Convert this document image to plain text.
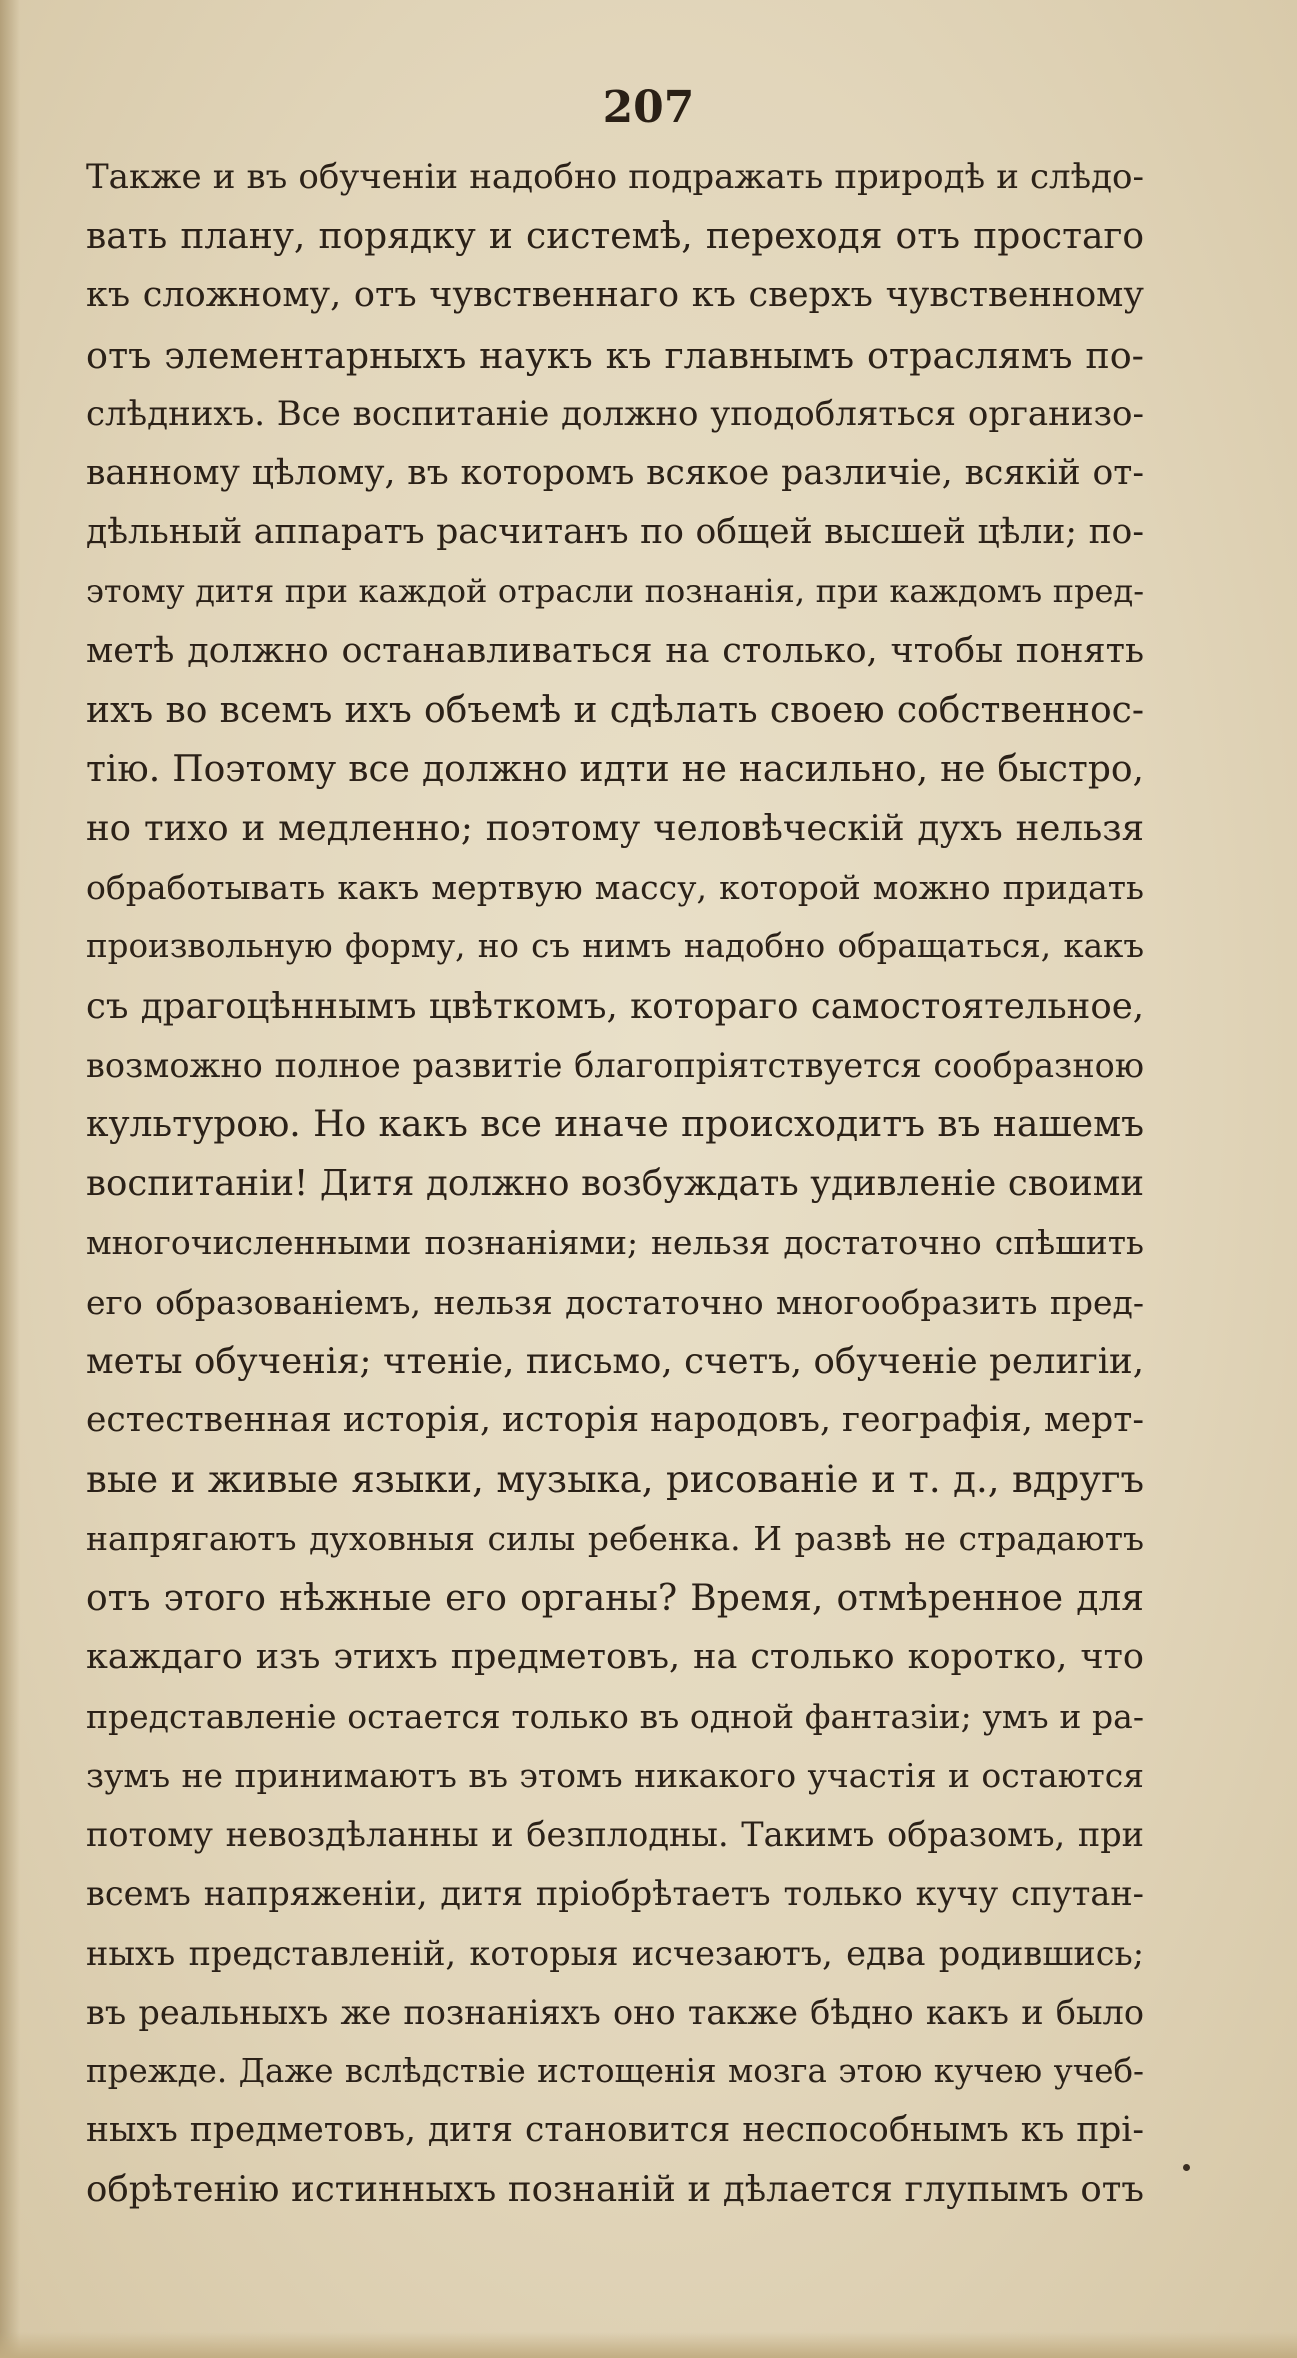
207
Также и въ обученіи надобно подражать природѣ и слѣдо-
вать плану, порядку и системѣ, переходя отъ простаго
къ сложному, отъ чувственнаго къ сверхъ чувственному
отъ элементарныхъ наукъ къ главнымъ отраслямъ по-
слѣднихъ. Все воспитаніе должно уподобляться организо-
ванному цѣлому, въ которомъ всякое различіе, всякій от-
дѣльный аппаратъ расчитанъ по общей высшей цѣли; по-
этому дитя при каждой отрасли познанія, при каждомъ пред-
метѣ должно останавливаться на столько, чтобы понять
ихъ во всемъ ихъ объемѣ и сдѣлать своею собственнос-
тію. Поэтому все должно идти не насильно, не быстро,
но тихо и медленно; поэтому человѣческій духъ нельзя
обработывать какъ мертвую массу, которой можно придать
произвольную форму, но съ нимъ надобно обращаться, какъ
съ драгоцѣннымъ цвѣткомъ, котораго самостоятельное,
возможно полное развитіе благопріятствуется сообразною
культурою. Но какъ все иначе происходитъ въ нашемъ
воспитаніи! Дитя должно возбуждать удивленіе своими
многочисленными познаніями; нельзя достаточно спѣшить
его образованіемъ, нельзя достаточно многообразить пред-
меты обученія; чтеніе, письмо, счетъ, обученіе религіи,
естественная исторія, исторія народовъ, географія, мерт-
вые и живые языки, музыка, рисованіе и т. д., вдругъ
напрягаютъ духовныя силы ребенка. И развѣ не страдаютъ
отъ этого нѣжные его органы? Время, отмѣренное для
каждаго изъ этихъ предметовъ, на столько коротко, что
представленіе остается только въ одной фантазіи; умъ и ра-
зумъ не принимаютъ въ этомъ никакого участія и остаются
потому невоздѣланны и безплодны. Такимъ образомъ, при
всемъ напряженіи, дитя пріобрѣтаетъ только кучу спутан-
ныхъ представленій, которыя исчезаютъ, едва родившись;
въ реальныхъ же познаніяхъ оно также бѣдно какъ и было
прежде. Даже вслѣдствіе истощенія мозга этою кучею учеб-
ныхъ предметовъ, дитя становится неспособнымъ къ прі-
обрѣтенію истинныхъ познаній и дѣлается глупымъ отъ
